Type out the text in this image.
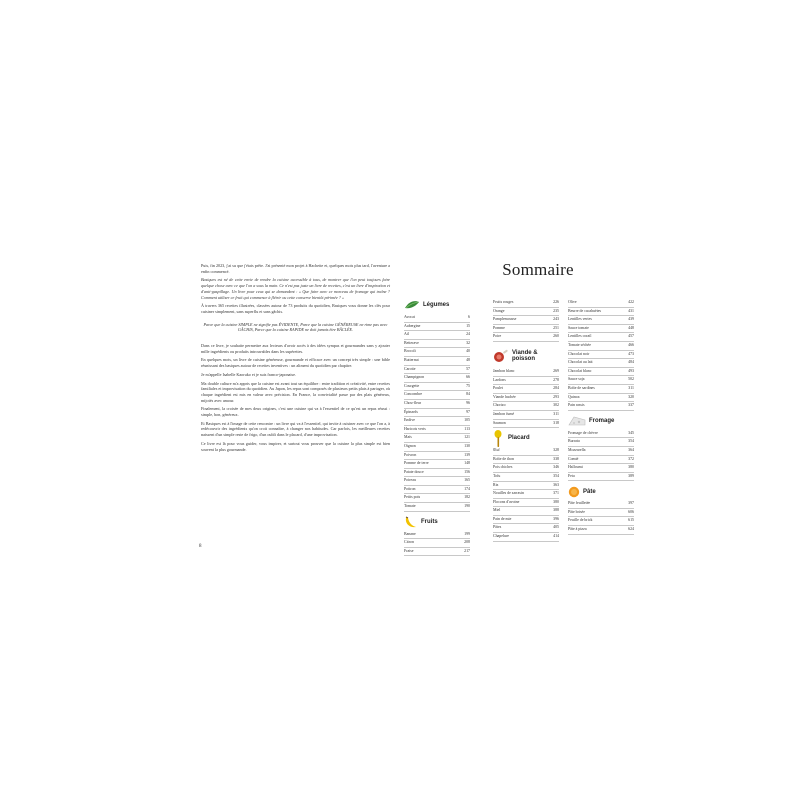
Puis, fin 2023, j'ai su que j'étais prête. J'ai présenté mon projet à Hachette et, quelques mois plus tard, l'aventure a enfin commencé.

Basiques est né de cette envie de rendre la cuisine accessible à tous, de montrer que l'on peut toujours faire quelque chose avec ce que l'on a sous la main. Ce n'est pas juste un livre de recettes, c'est un livre d'inspiration et d'anti-gaspillage. Un livre pour ceux qui se demandent : « Que faire avec ce morceau de fromage qui traîne ? Comment utiliser ce fruit qui commence à flétrir ou cette conserve bientôt périmée ? »

À travers 365 recettes illustrées, classées autour de 73 produits du quotidien, Basiques vous donne les clés pour cuisiner simplement, sans superflu et sans gâchis.

Parce que la cuisine SIMPLE ne signifie pas ÉVIDENTE, Parce que la cuisine GÉNÉREUSE ne rime pas avec GÂCHIS, Parce que la cuisine RAPIDE ne doit jamais être BÂCLÉE.

Dans ce livre, je souhaite permettre aux lecteurs d'avoir accès à des idées sympas et gourmandes sans y ajouter mille ingrédients ou produits introuvables dans les supérettes.

En quelques mots, un livre de cuisine généreuse, gourmande et efficace avec un concept très simple : une bible réunissant des basiques autour de recettes inventives : un aliment du quotidien par chapitre.

Je m'appelle Isabelle Kaoruko et je suis franco-japonaise.

Ma double culture m'a appris que la cuisine est avant tout un équilibre : entre tradition et créativité, entre recettes familiales et improvisation du quotidien. Au Japon, les repas sont composés de plusieurs petits plats à partager, où chaque ingrédient est mis en valeur avec précision. En France, la convivialité passe par des plats généreux, mijotés avec amour.

Finalement, la croisée de mes deux origines, c'est une cuisine qui va à l'essentiel de ce qu'est un repas réussi : simple, bon, généreux.

Et Basiques est à l'image de cette rencontre : un livre qui va à l'essentiel, qui invite à cuisiner avec ce que l'on a, à redécouvrir des ingrédients qu'on croit connaître, à changer nos habitudes. Car parfois, les meilleures recettes naissent d'un simple reste de frigo, d'un oubli dans le placard, d'une improvisation.

Ce livre est là pour vous guider, vous inspirer, et surtout vous prouver que la cuisine la plus simple est bien souvent la plus gourmande.

8
Sommaire
Légumes
Avocat	6
Aubergine	15
Ail	24
Betterave	32
Brocoli	40
Butternut	48
Carotte	57
Champignon	66
Courgette	75
Concombre	84
Chou-fleur	96
Épinards	97
Endive	105
Haricots verts	113
Maïs	121
Oignon	130
Poivron	139
Pomme de terre	148
Patate douce	156
Poireau	165
Potiron	174
Petits pois	182
Tomate	190
Fruits
Banane	199
Citron	208
Fraise	217
Fruits rouges	226
Orange	235
Pamplemousse	243
Pomme	251
Poire	260
Viande & poisson
Jambon blanc	269
Lardons	278
Poulet	284
Viande hachée	293
Chorizo	302
Jambon fumé	311
Saumon	318
Placard
Œuf	328
Boîte de thon	338
Pois chiches	346
Tofu	354
Riz	363
Nouilles de sarrasin	371
Flocons d'avoine	380
Miel	388
Pain de mie	396
Pâtes	405
Chapelure	414
Olive	422
Beurre de cacahuètes	431
Lentilles vertes	439
Sauce tomate	448
Lentilles corail	457
Tomate séchée	466
Chocolat noir	473
Chocolat au lait	484
Chocolat blanc	493
Sauce soja	502
Boîte de sardines	311
Quinoa	320
Pain rassis	337
Fromage
Fromage de chèvre	345
Burrata	354
Mozzarella	364
Comté	372
Halloumi	380
Feta	389
Pâte
Pâte feuilletée	397
Pâte brisée	606
Feuille de brick	615
Pâte à pizza	624
